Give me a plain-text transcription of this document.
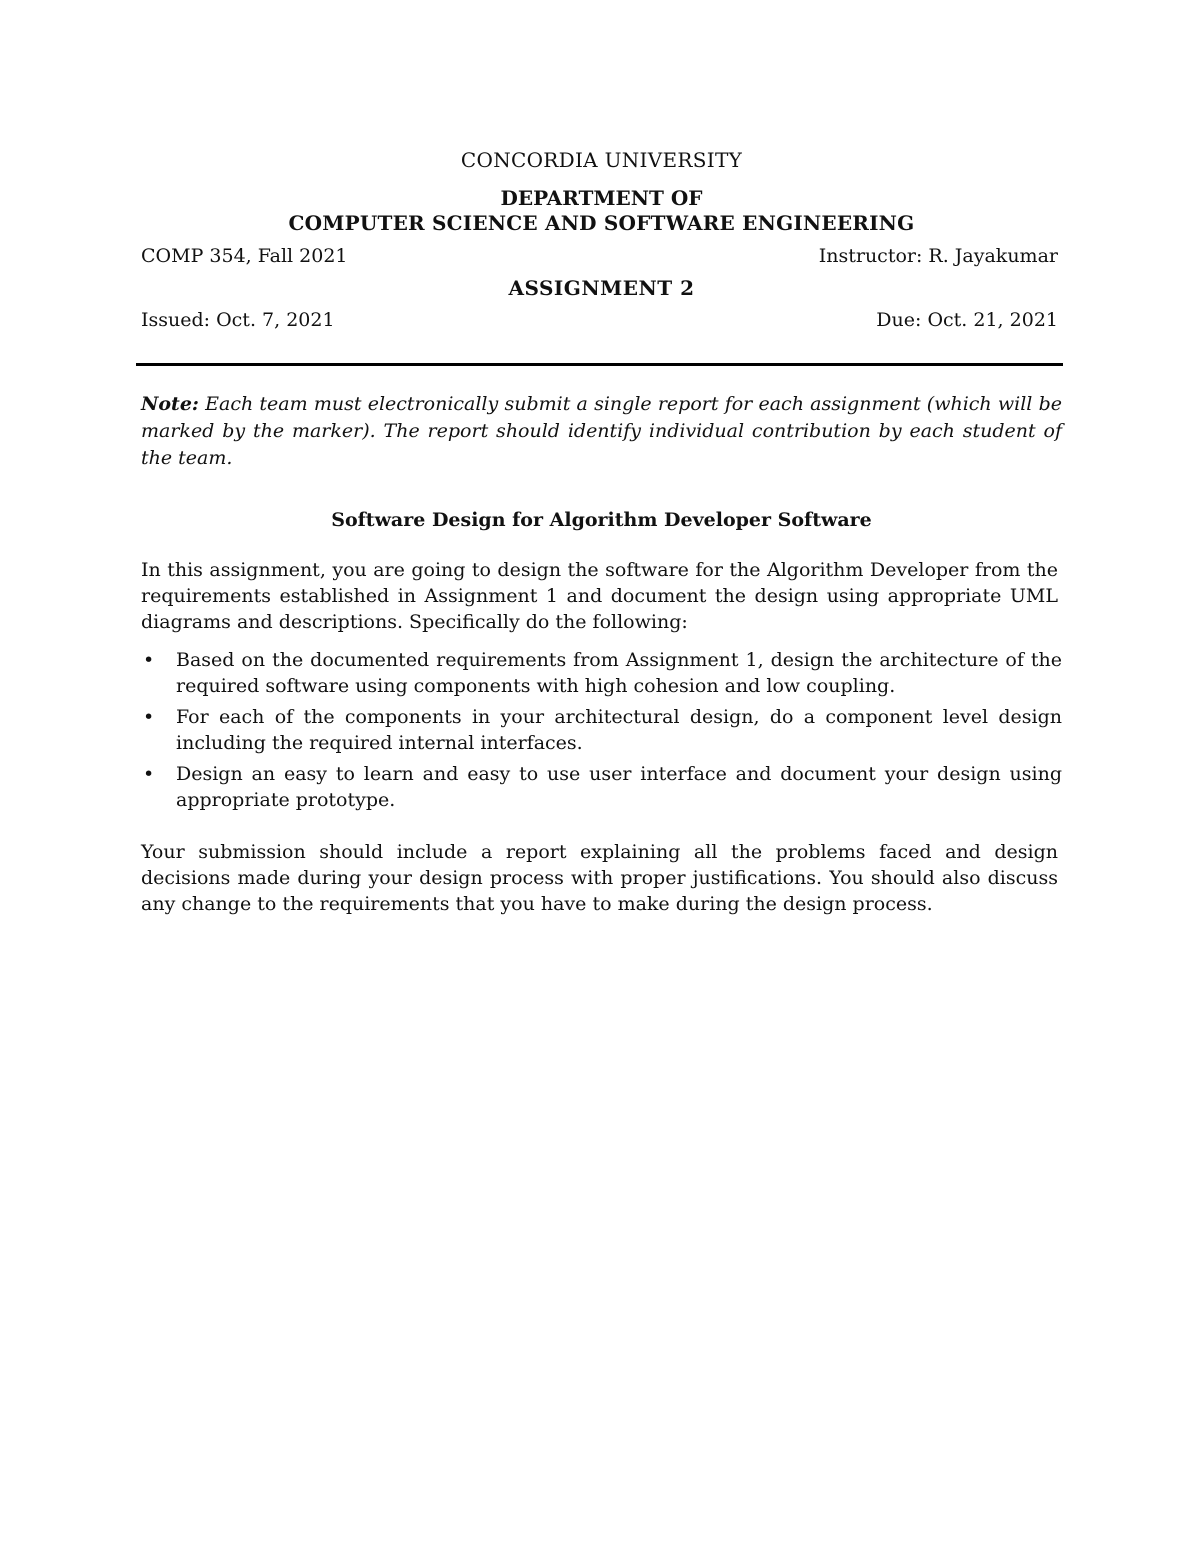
CONCORDIA UNIVERSITY
DEPARTMENT OF
COMPUTER SCIENCE AND SOFTWARE ENGINEERING
COMP 354, Fall 2021	Instructor: R. Jayakumar
ASSIGNMENT 2
Issued: Oct. 7, 2021	Due: Oct. 21, 2021
Note: Each team must electronically submit a single report for each assignment (which will be marked by the marker). The report should identify individual contribution by each student of the team.
Software Design for Algorithm Developer Software
In this assignment, you are going to design the software for the Algorithm Developer from the requirements established in Assignment 1 and document the design using appropriate UML diagrams and descriptions. Specifically do the following:
• Based on the documented requirements from Assignment 1, design the architecture of the required software using components with high cohesion and low coupling.
• For each of the components in your architectural design, do a component level design including the required internal interfaces.
• Design an easy to learn and easy to use user interface and document your design using appropriate prototype.
Your submission should include a report explaining all the problems faced and design decisions made during your design process with proper justifications. You should also discuss any change to the requirements that you have to make during the design process.
